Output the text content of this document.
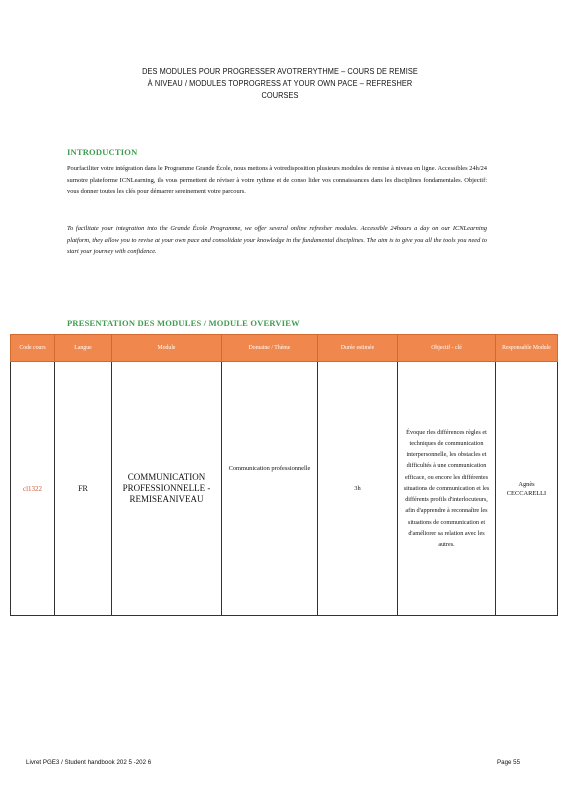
DES MODULES POUR PROGRESSER AVOTRERYTHME – COURS DE REMISE
À NIVEAU / MODULES TOPROGRESS AT YOUR OWN PACE – REFRESHER
COURSES
INTRODUCTION
Pourfaciliter votre intégration dans le Programme Grande École, nous mettons à votredisposition plusieurs modules de remise à niveau en ligne. Accessibles 24h/24 surnotre plateforme ICNLearning, ils vous permettent de réviser à votre rythme et de conso lider vos connaissances dans les disciplines fondamentales. Objectif: vous donner toutes les clés pour démarrer sereinement votre parcours.
To facilitate your integration into the Grande École Programme, we offer several online refresher modules. Accessible 24hours a day on our ICNLearning platform, they allow you to revise at your own pace and consolidate your knowledge in the fundamental disciplines. The aim is to give you all the tools you need to start your journey with confidence.
PRESENTATION DES MODULES / MODULE OVERVIEW
Code cours	Langue	Module	Domaine / Thème	Durée estimée	Objectif - clé	Responsable Module
cl1322	FR	COMMUNICATION PROFESSIONNELLE - REMISEANIVEAU	Communication professionnelle	3h	Évoque rles différences règles et techniques de communication interpersonnelle, les obstacles et difficultés à une communication efficace, ou encore les différentes situations de communication et les différents profils d'interlocuteurs, afin d'apprendre à reconnaître les situations de communication et d'améliorer sa relation avec les autres.	Agnès CECCARELLI
Livret PGE3 / Student handbook 202 5 -202 6	Page 55
